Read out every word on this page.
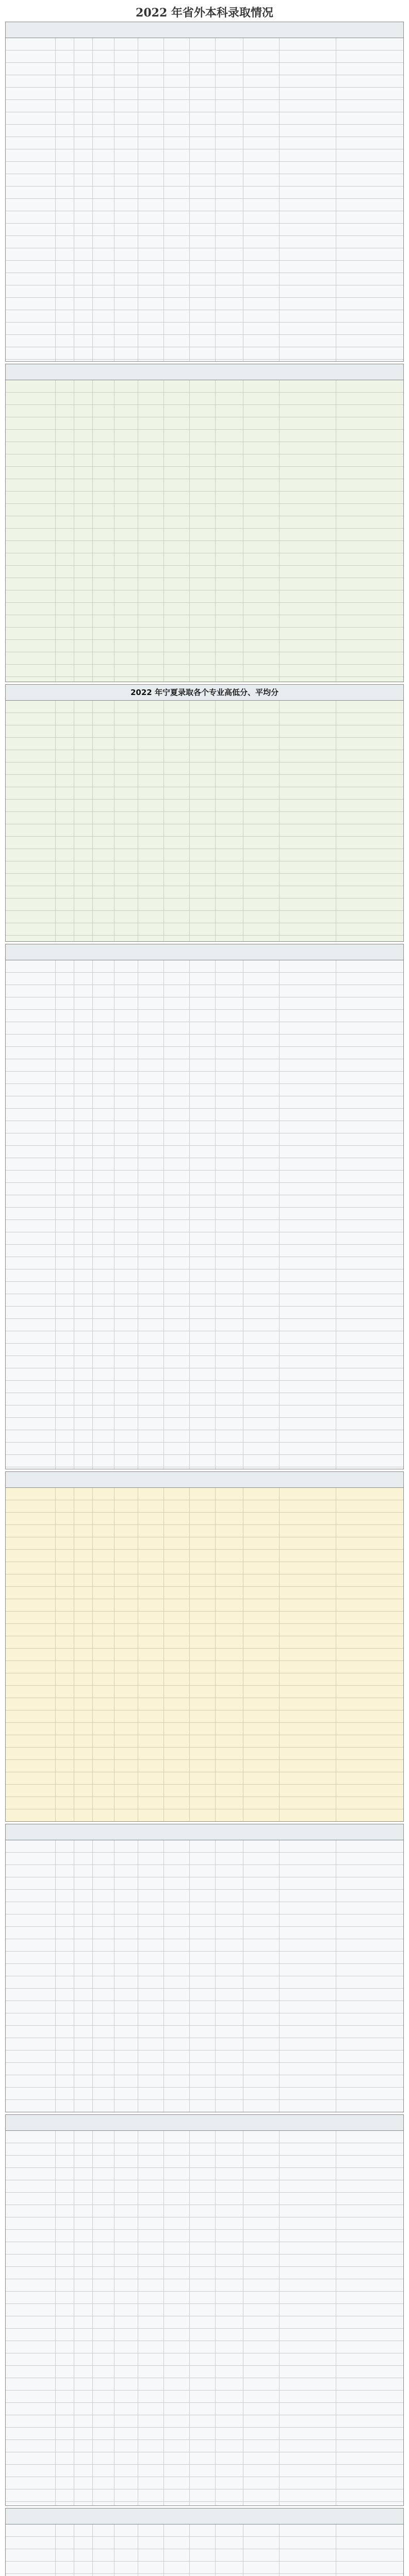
2022 年省外本科录取情况
2022 年宁夏录取各个专业高低分、平均分
